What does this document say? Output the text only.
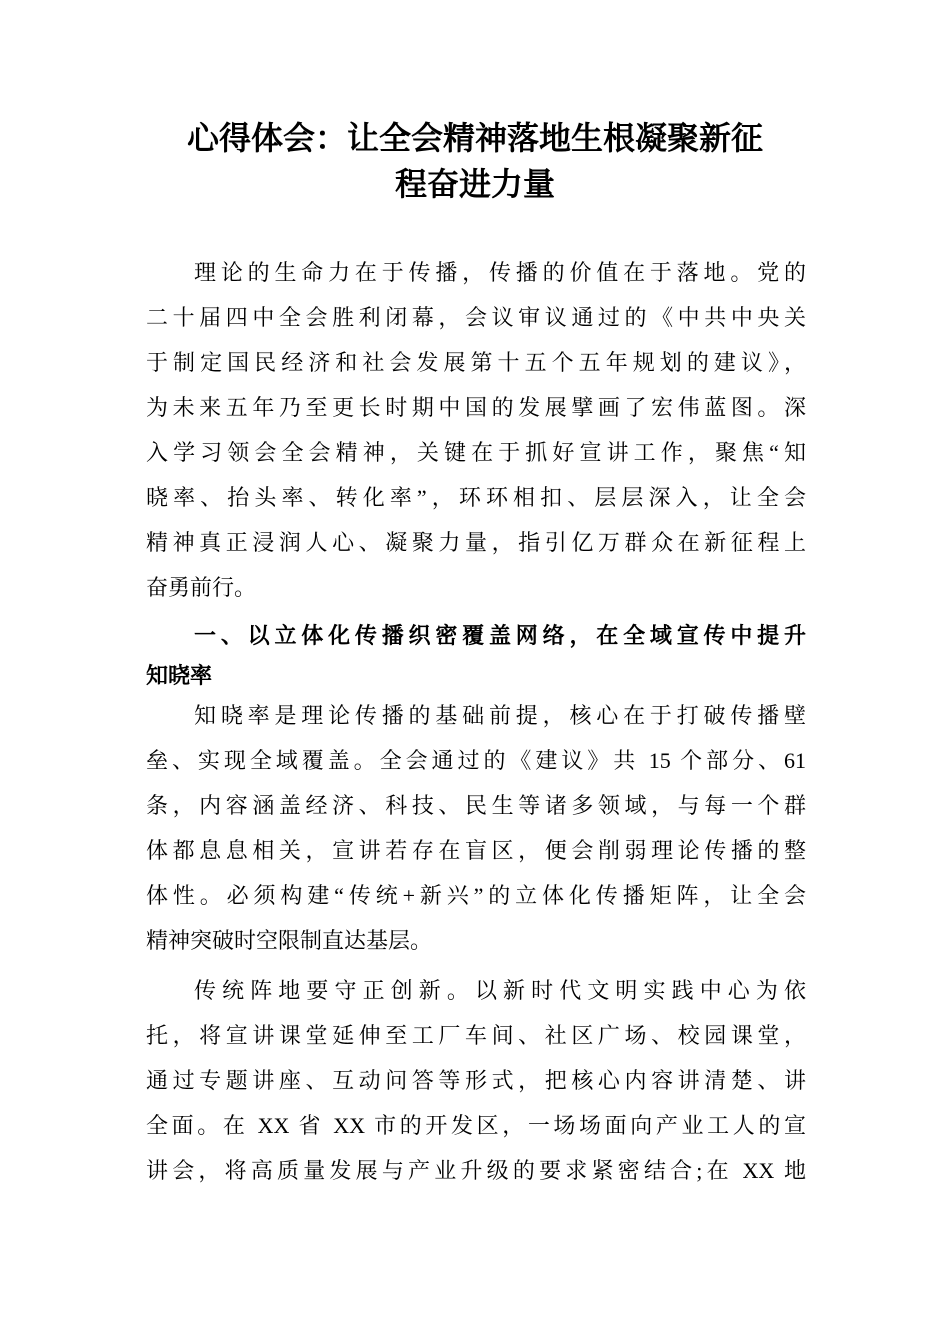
心得体会：让全会精神落地生根凝聚新征
程奋进力量
理论的生命力在于传播，传播的价值在于落地。党的
二十届四中全会胜利闭幕，会议审议通过的《中共中央关
于制定国民经济和社会发展第十五个五年规划的建议》，
为未来五年乃至更长时期中国的发展擘画了宏伟蓝图。深
入学习领会全会精神，关键在于抓好宣讲工作，聚焦“知
晓率、抬头率、转化率”，环环相扣、层层深入，让全会
精神真正浸润人心、凝聚力量，指引亿万群众在新征程上
奋勇前行。
一、以立体化传播织密覆盖网络，在全域宣传中提升
知晓率
知晓率是理论传播的基础前提，核心在于打破传播壁
垒、实现全域覆盖。全会通过的《建议》共 15 个部分、61
条，内容涵盖经济、科技、民生等诸多领域，与每一个群
体都息息相关，宣讲若存在盲区，便会削弱理论传播的整
体性。必须构建“传统+新兴”的立体化传播矩阵，让全会
精神突破时空限制直达基层。
传统阵地要守正创新。以新时代文明实践中心为依
托，将宣讲课堂延伸至工厂车间、社区广场、校园课堂，
通过专题讲座、互动问答等形式，把核心内容讲清楚、讲
全面。在 XX 省 XX 市的开发区，一场场面向产业工人的宣
讲会，将高质量发展与产业升级的要求紧密结合;在 XX 地
